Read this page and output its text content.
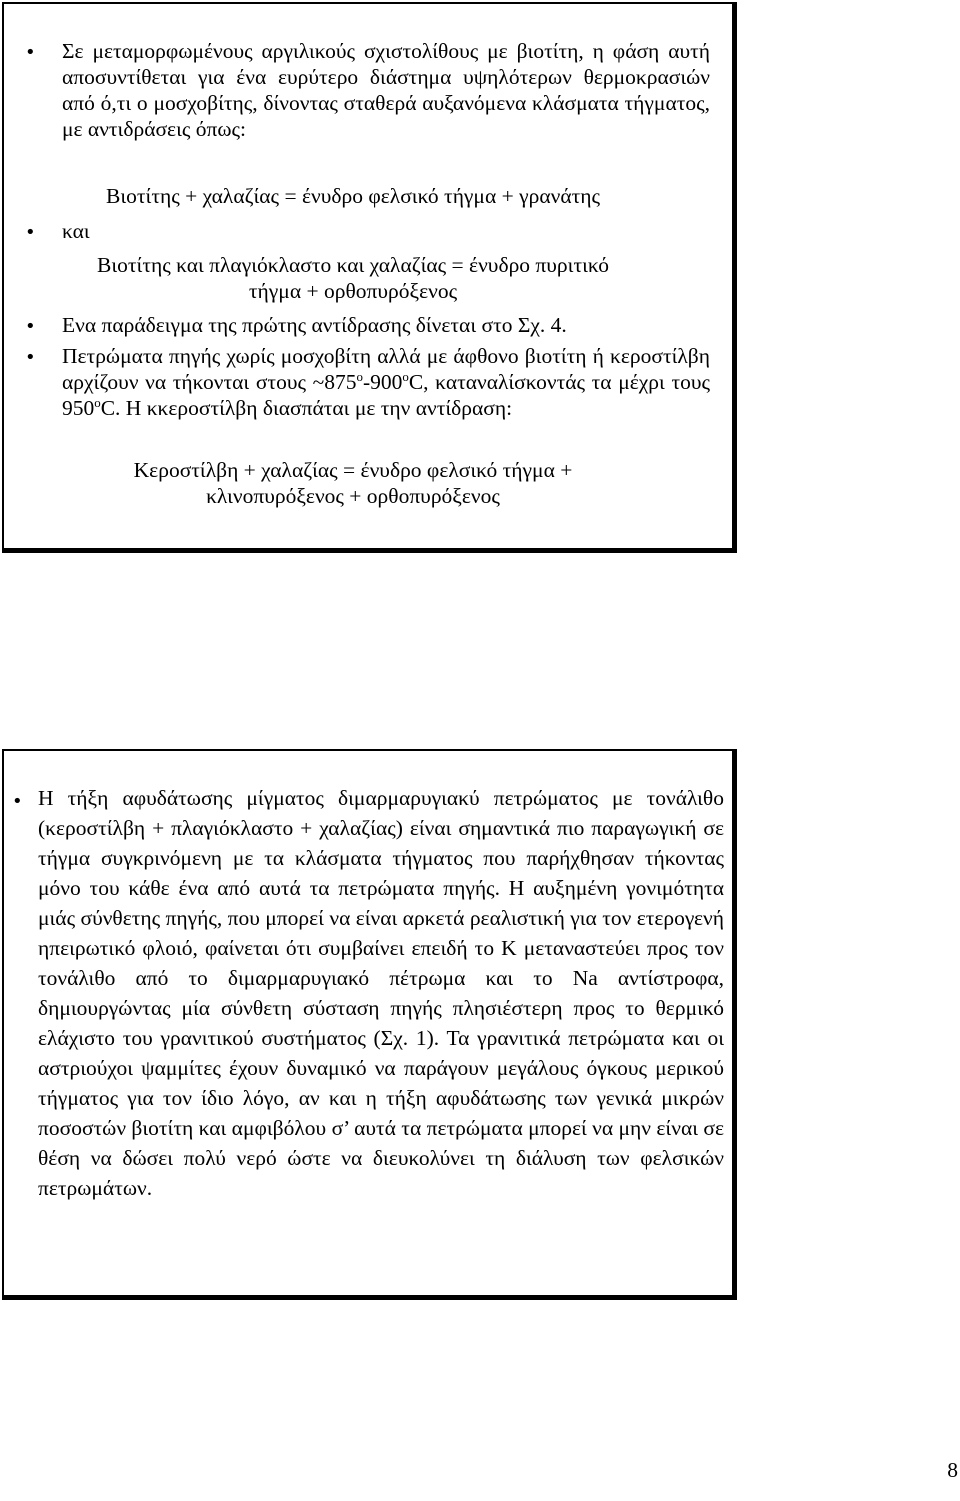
• Σε μεταμορφωμένους αργιλικούς σχιστολίθους με βιοτίτη, η φάση αυτή αποσυντίθεται για ένα ευρύτερο διάστημα υψηλότερων θερμοκρασιών από ό,τι ο μοσχοβίτης, δίνοντας σταθερά αυξανόμενα κλάσματα τήγματος, με αντιδράσεις όπως:
Βιοτίτης + χαλαζίας = ένυδρο φελσικό τήγμα + γρανάτης
• και
Βιοτίτης και πλαγιόκλαστο και χαλαζίας = ένυδρο πυριτικό
τήγμα + ορθοπυρόξενος
• Ενα παράδειγμα της πρώτης αντίδρασης δίνεται στο Σχ. 4.
• Πετρώματα πηγής χωρίς μοσχοβίτη αλλά με άφθονο βιοτίτη ή κεροστίλβη αρχίζουν να τήκονται στους $\sim 875^o-900^oC$, καταναλίσκοντάς τα μέχρι τους $950^oC$. Η κκεροστίλβη διασπάται με την αντίδραση:
Κεροστίλβη + χαλαζίας = ένυδρο φελσικό τήγμα +
κλινοπυρόξενος + ορθοπυρόξενος
• Η τήξη αφυδάτωσης μίγματος διμαρμαρυγιακύ πετρώματος με τονάλιθο (κεροστίλβη + πλαγιόκλαστο + χαλαζίας) είναι σημαντικά πιο παραγωγική σε τήγμα συγκρινόμενη με τα κλάσματα τήγματος που παρήχθησαν τήκοντας μόνο του κάθε ένα από αυτά τα πετρώματα πηγής. Η αυξημένη γονιμότητα μιάς σύνθετης πηγής, που μπορεί να είναι αρκετά ρεαλιστική για τον ετερογενή ηπειρωτικό φλοιό, φαίνεται ότι συμβαίνει επειδή το Κ μεταναστεύει προς τον τονάλιθο από το διμαρμαρυγιακό πέτρωμα και το Na αντίστροφα, δημιουργώντας μία σύνθετη σύσταση πηγής πλησιέστερη προς το θερμικό ελάχιστο του γρανιτικού συστήματος (Σχ. 1). Τα γρανιτικά πετρώματα και οι αστριούχοι ψαμμίτες έχουν δυναμικό να παράγουν μεγάλους όγκους μερικού τήγματος για τον ίδιο λόγο, αν και η τήξη αφυδάτωσης των γενικά μικρών ποσοστών βιοτίτη και αμφιβόλου σ’ αυτά τα πετρώματα μπορεί να μην είναι σε θέση να δώσει πολύ νερό ώστε να διευκολύνει τη διάλυση των φελσικών πετρωμάτων.
8
